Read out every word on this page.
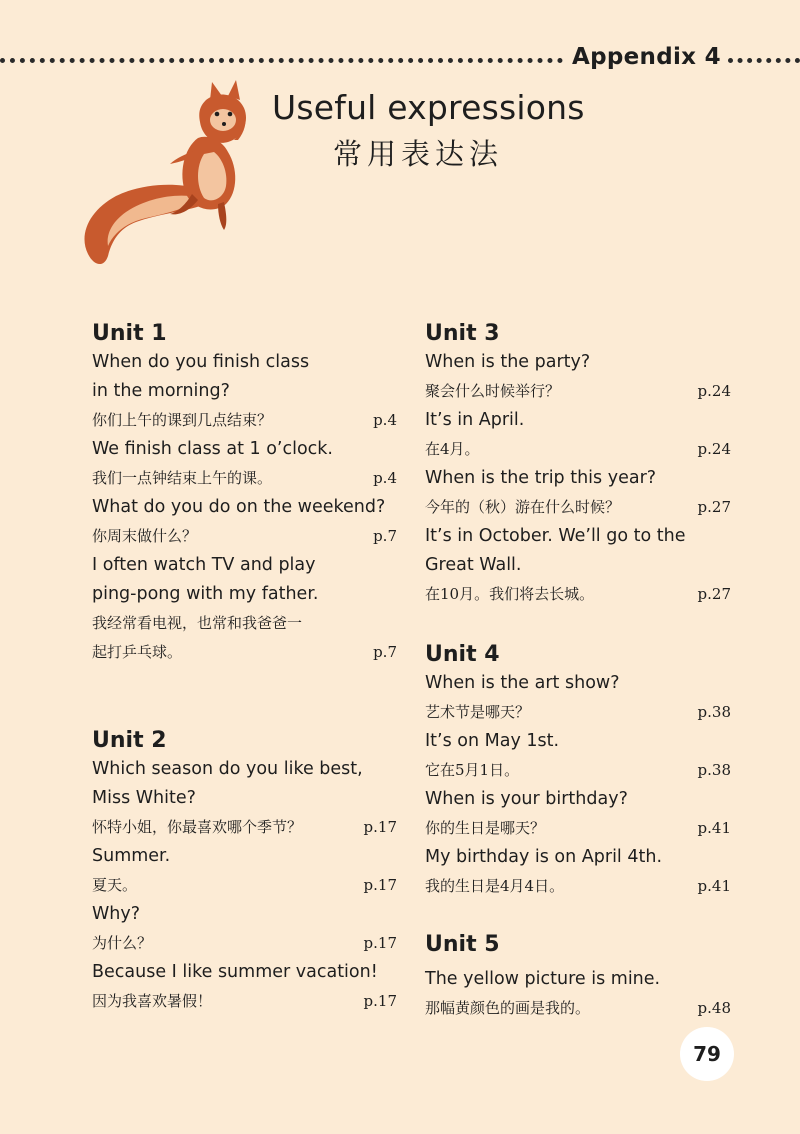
Appendix 4
Useful expressions
常用表达法
Unit 1
When do you finish class
in the morning?
你们上午的课到几点结束？	p.4
We finish class at 1 o’clock.
我们一点钟结束上午的课。	p.4
What do you do on the weekend?
你周末做什么？	p.7
I often watch TV and play
ping-pong with my father.
我经常看电视，也常和我爸爸一
起打乒乓球。	p.7
Unit 2
Which season do you like best,
Miss White?
怀特小姐，你最喜欢哪个季节？	p.17
Summer.
夏天。	p.17
Why?
为什么？	p.17
Because I like summer vacation!
因为我喜欢暑假！	p.17
Unit 3
When is the party?
聚会什么时候举行？	p.24
It’s in April.
在4月。	p.24
When is the trip this year?
今年的（秋）游在什么时候？	p.27
It’s in October. We’ll go to the
Great Wall.
在10月。我们将去长城。	p.27
Unit 4
When is the art show?
艺术节是哪天？	p.38
It’s on May 1st.
它在5月1日。	p.38
When is your birthday?
你的生日是哪天？	p.41
My birthday is on April 4th.
我的生日是4月4日。	p.41
Unit 5
The yellow picture is mine.
那幅黄颜色的画是我的。	p.48
79
